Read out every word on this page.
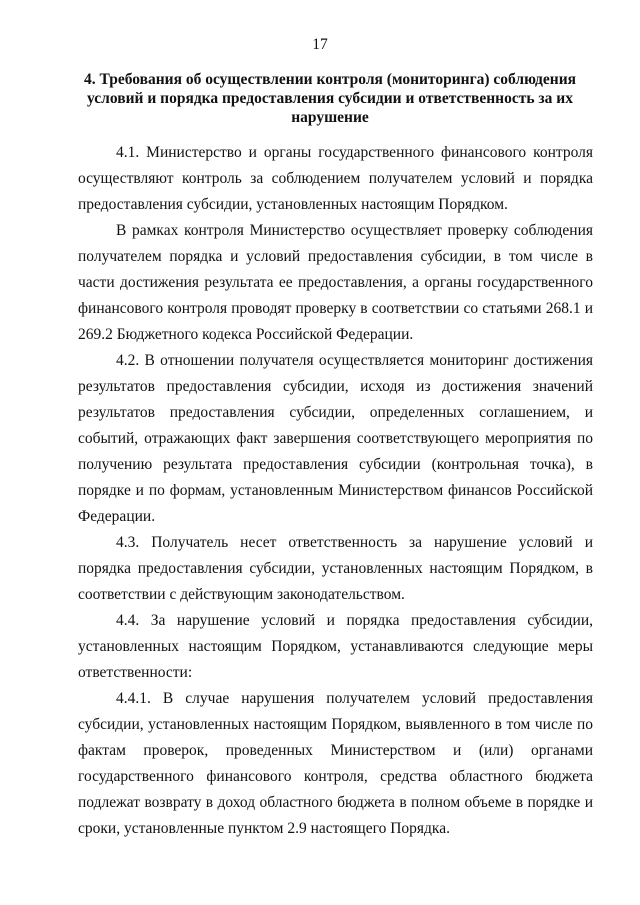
17
4. Требования об осуществлении контроля (мониторинга) соблюдения условий и порядка предоставления субсидии и ответственность за их нарушение

4.1. Министерство и органы государственного финансового контроля осуществляют контроль за соблюдением получателем условий и порядка предоставления субсидии, установленных настоящим Порядком.

В рамках контроля Министерство осуществляет проверку соблюдения получателем порядка и условий предоставления субсидии, в том числе в части достижения результата ее предоставления, а органы государственного финансового контроля проводят проверку в соответствии со статьями 268.1 и 269.2 Бюджетного кодекса Российской Федерации.

4.2. В отношении получателя осуществляется мониторинг достижения результатов предоставления субсидии, исходя из достижения значений результатов предоставления субсидии, определенных соглашением, и событий, отражающих факт завершения соответствующего мероприятия по получению результата предоставления субсидии (контрольная точка), в порядке и по формам, установленным Министерством финансов Российской Федерации.

4.3. Получатель несет ответственность за нарушение условий и порядка предоставления субсидии, установленных настоящим Порядком, в соответствии с действующим законодательством.

4.4. За нарушение условий и порядка предоставления субсидии, установленных настоящим Порядком, устанавливаются следующие меры ответственности:

4.4.1. В случае нарушения получателем условий предоставления субсидии, установленных настоящим Порядком, выявленного в том числе по фактам проверок, проведенных Министерством и (или) органами государственного финансового контроля, средства областного бюджета подлежат возврату в доход областного бюджета в полном объеме в порядке и сроки, установленные пунктом 2.9 настоящего Порядка.
